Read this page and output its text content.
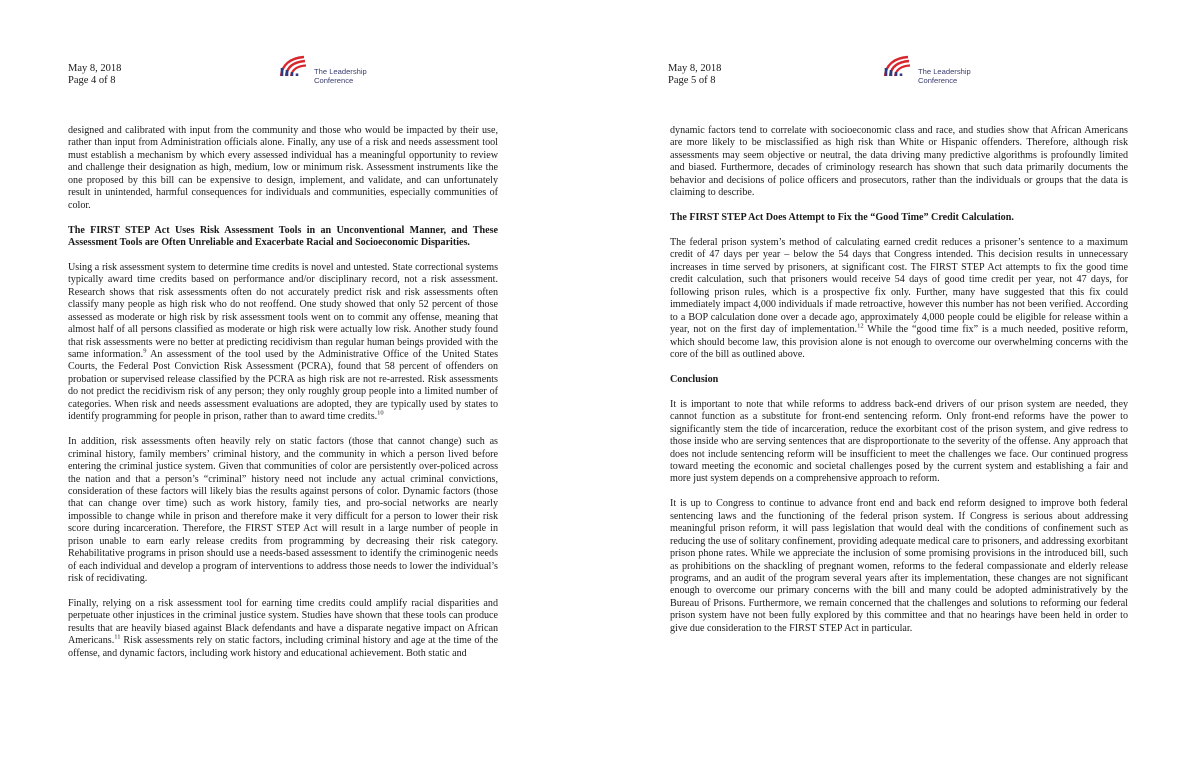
May 8, 2018
Page 4 of 8
The Leadership
Conference
designed and calibrated with input from the community and those who would be impacted by their use, rather than input from Administration officials alone. Finally, any use of a risk and needs assessment tool must establish a mechanism by which every assessed individual has a meaningful opportunity to review and challenge their designation as high, medium, low or minimum risk. Assessment instruments like the one proposed by this bill can be expensive to design, implement, and validate, and can unfortunately result in unintended, harmful consequences for individuals and communities, especially communities of color.
The FIRST STEP Act Uses Risk Assessment Tools in an Unconventional Manner, and These Assessment Tools are Often Unreliable and Exacerbate Racial and Socioeconomic Disparities.
Using a risk assessment system to determine time credits is novel and untested. State correctional systems typically award time credits based on performance and/or disciplinary record, not a risk assessment. Research shows that risk assessments often do not accurately predict risk and risk assessments often classify many people as high risk who do not reoffend. One study showed that only 52 percent of those assessed as moderate or high risk by risk assessment tools went on to commit any offense, meaning that almost half of all persons classified as moderate or high risk were actually low risk. Another study found that risk assessments were no better at predicting recidivism than regular human beings provided with the same information.$^9$ An assessment of the tool used by the Administrative Office of the United States Courts, the Federal Post Conviction Risk Assessment (PCRA), found that 58 percent of offenders on probation or supervised release classified by the PCRA as high risk are not re-arrested. Risk assessments do not predict the recidivism risk of any person; they only roughly group people into a limited number of categories. When risk and needs assessment evaluations are adopted, they are typically used by states to identify programming for people in prison, rather than to award time credits.$^{10}$
In addition, risk assessments often heavily rely on static factors (those that cannot change) such as criminal history, family members’ criminal history, and the community in which a person lived before entering the criminal justice system. Given that communities of color are persistently over-policed across the nation and that a person’s “criminal” history need not include any actual criminal convictions, consideration of these factors will likely bias the results against persons of color. Dynamic factors (those that can change over time) such as work history, family ties, and pro-social networks are nearly impossible to change while in prison and therefore make it very difficult for a person to lower their risk score during incarceration. Therefore, the FIRST STEP Act will result in a large number of people in prison unable to earn early release credits from programming by decreasing their risk category. Rehabilitative programs in prison should use a needs-based assessment to identify the criminogenic needs of each individual and develop a program of interventions to address those needs to lower the individual’s risk of recidivating.
Finally, relying on a risk assessment tool for earning time credits could amplify racial disparities and perpetuate other injustices in the criminal justice system. Studies have shown that these tools can produce results that are heavily biased against Black defendants and have a disparate negative impact on African Americans.$^{11}$ Risk assessments rely on static factors, including criminal history and age at the time of the offense, and dynamic factors, including work history and educational achievement. Both static and
May 8, 2018
Page 5 of 8
The Leadership
Conference
dynamic factors tend to correlate with socioeconomic class and race, and studies show that African Americans are more likely to be misclassified as high risk than White or Hispanic offenders. Therefore, although risk assessments may seem objective or neutral, the data driving many predictive algorithms is profoundly limited and biased. Furthermore, decades of criminology research has shown that such data primarily documents the behavior and decisions of police officers and prosecutors, rather than the individuals or groups that the data is claiming to describe.
The FIRST STEP Act Does Attempt to Fix the “Good Time” Credit Calculation.
The federal prison system’s method of calculating earned credit reduces a prisoner’s sentence to a maximum credit of 47 days per year – below the 54 days that Congress intended. This decision results in unnecessary increases in time served by prisoners, at significant cost. The FIRST STEP Act attempts to fix the good time credit calculation, such that prisoners would receive 54 days of good time credit per year, not 47 days, for following prison rules, which is a prospective fix only. Further, many have suggested that this fix could immediately impact 4,000 individuals if made retroactive, however this number has not been verified. According to a BOP calculation done over a decade ago, approximately 4,000 people could be eligible for release within a year, not on the first day of implementation.$^{12}$ While the “good time fix” is a much needed, positive reform, which should become law, this provision alone is not enough to overcome our overwhelming concerns with the core of the bill as outlined above.
Conclusion
It is important to note that while reforms to address back-end drivers of our prison system are needed, they cannot function as a substitute for front-end sentencing reform. Only front-end reforms have the power to significantly stem the tide of incarceration, reduce the exorbitant cost of the prison system, and give redress to those inside who are serving sentences that are disproportionate to the severity of the offense. Any approach that does not include sentencing reform will be insufficient to meet the challenges we face. Our continued progress toward meeting the economic and societal challenges posed by the current system and establishing a fair and more just system depends on a comprehensive approach to reform.
It is up to Congress to continue to advance front end and back end reform designed to improve both federal sentencing laws and the functioning of the federal prison system. If Congress is serious about addressing meaningful prison reform, it will pass legislation that would deal with the conditions of confinement such as reducing the use of solitary confinement, providing adequate medical care to prisoners, and addressing exorbitant prison phone rates. While we appreciate the inclusion of some promising provisions in the introduced bill, such as prohibitions on the shackling of pregnant women, reforms to the federal compassionate and elderly release programs, and an audit of the program several years after its implementation, these changes are not significant enough to overcome our primary concerns with the bill and many could be adopted administratively by the Bureau of Prisons. Furthermore, we remain concerned that the challenges and solutions to reforming our federal prison system have not been fully explored by this committee and that no hearings have been held in order to give due consideration to the FIRST STEP Act in particular.
